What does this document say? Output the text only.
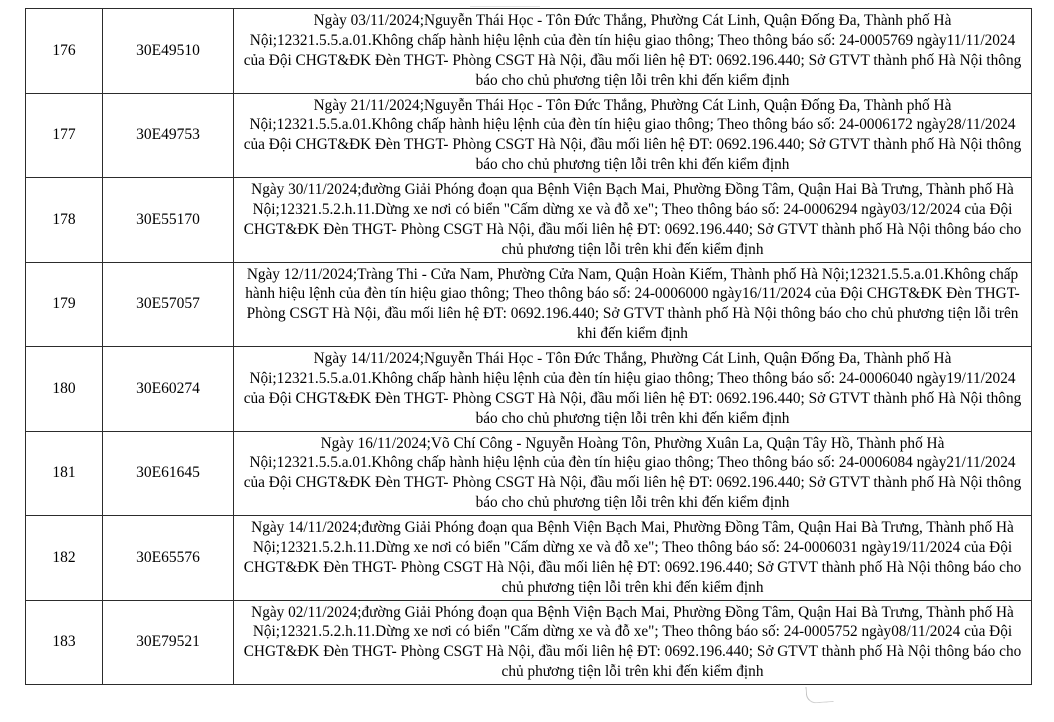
176	30E49510	Ngày 03/11/2024;Nguyễn Thái Học - Tôn Đức Thắng, Phường Cát Linh, Quận Đống Đa, Thành phố Hà Nội;12321.5.5.a.01.Không chấp hành hiệu lệnh của đèn tín hiệu giao thông; Theo thông báo số: 24-0005769 ngày11/11/2024 của Đội CHGT&ĐK Đèn THGT- Phòng CSGT Hà Nội, đầu mối liên hệ ĐT: 0692.196.440; Sở GTVT thành phố Hà Nội thông báo cho chủ phương tiện lỗi trên khi đến kiểm định

177	30E49753	Ngày 21/11/2024;Nguyễn Thái Học - Tôn Đức Thắng, Phường Cát Linh, Quận Đống Đa, Thành phố Hà Nội;12321.5.5.a.01.Không chấp hành hiệu lệnh của đèn tín hiệu giao thông; Theo thông báo số: 24-0006172 ngày28/11/2024 của Đội CHGT&ĐK Đèn THGT- Phòng CSGT Hà Nội, đầu mối liên hệ ĐT: 0692.196.440; Sở GTVT thành phố Hà Nội thông báo cho chủ phương tiện lỗi trên khi đến kiểm định

178	30E55170	Ngày 30/11/2024;đường Giải Phóng đoạn qua Bệnh Viện Bạch Mai, Phường Đồng Tâm, Quận Hai Bà Trưng, Thành phố Hà Nội;12321.5.2.h.11.Dừng xe nơi có biển "Cấm dừng xe và đỗ xe"; Theo thông báo số: 24-0006294 ngày03/12/2024 của Đội CHGT&ĐK Đèn THGT- Phòng CSGT Hà Nội, đầu mối liên hệ ĐT: 0692.196.440; Sở GTVT thành phố Hà Nội thông báo cho chủ phương tiện lỗi trên khi đến kiểm định

179	30E57057	Ngày 12/11/2024;Tràng Thi - Cửa Nam, Phường Cửa Nam, Quận Hoàn Kiếm, Thành phố Hà Nội;12321.5.5.a.01.Không chấp hành hiệu lệnh của đèn tín hiệu giao thông; Theo thông báo số: 24-0006000 ngày16/11/2024 của Đội CHGT&ĐK Đèn THGT- Phòng CSGT Hà Nội, đầu mối liên hệ ĐT: 0692.196.440; Sở GTVT thành phố Hà Nội thông báo cho chủ phương tiện lỗi trên khi đến kiểm định

180	30E60274	Ngày 14/11/2024;Nguyễn Thái Học - Tôn Đức Thắng, Phường Cát Linh, Quận Đống Đa, Thành phố Hà Nội;12321.5.5.a.01.Không chấp hành hiệu lệnh của đèn tín hiệu giao thông; Theo thông báo số: 24-0006040 ngày19/11/2024 của Đội CHGT&ĐK Đèn THGT- Phòng CSGT Hà Nội, đầu mối liên hệ ĐT: 0692.196.440; Sở GTVT thành phố Hà Nội thông báo cho chủ phương tiện lỗi trên khi đến kiểm định

181	30E61645	Ngày 16/11/2024;Võ Chí Công - Nguyễn Hoàng Tôn, Phường Xuân La, Quận Tây Hồ, Thành phố Hà Nội;12321.5.5.a.01.Không chấp hành hiệu lệnh của đèn tín hiệu giao thông; Theo thông báo số: 24-0006084 ngày21/11/2024 của Đội CHGT&ĐK Đèn THGT- Phòng CSGT Hà Nội, đầu mối liên hệ ĐT: 0692.196.440; Sở GTVT thành phố Hà Nội thông báo cho chủ phương tiện lỗi trên khi đến kiểm định

182	30E65576	Ngày 14/11/2024;đường Giải Phóng đoạn qua Bệnh Viện Bạch Mai, Phường Đồng Tâm, Quận Hai Bà Trưng, Thành phố Hà Nội;12321.5.2.h.11.Dừng xe nơi có biển "Cấm dừng xe và đỗ xe"; Theo thông báo số: 24-0006031 ngày19/11/2024 của Đội CHGT&ĐK Đèn THGT- Phòng CSGT Hà Nội, đầu mối liên hệ ĐT: 0692.196.440; Sở GTVT thành phố Hà Nội thông báo cho chủ phương tiện lỗi trên khi đến kiểm định

183	30E79521	Ngày 02/11/2024;đường Giải Phóng đoạn qua Bệnh Viện Bạch Mai, Phường Đồng Tâm, Quận Hai Bà Trưng, Thành phố Hà Nội;12321.5.2.h.11.Dừng xe nơi có biển "Cấm dừng xe và đỗ xe"; Theo thông báo số: 24-0005752 ngày08/11/2024 của Đội CHGT&ĐK Đèn THGT- Phòng CSGT Hà Nội, đầu mối liên hệ ĐT: 0692.196.440; Sở GTVT thành phố Hà Nội thông báo cho chủ phương tiện lỗi trên khi đến kiểm định
